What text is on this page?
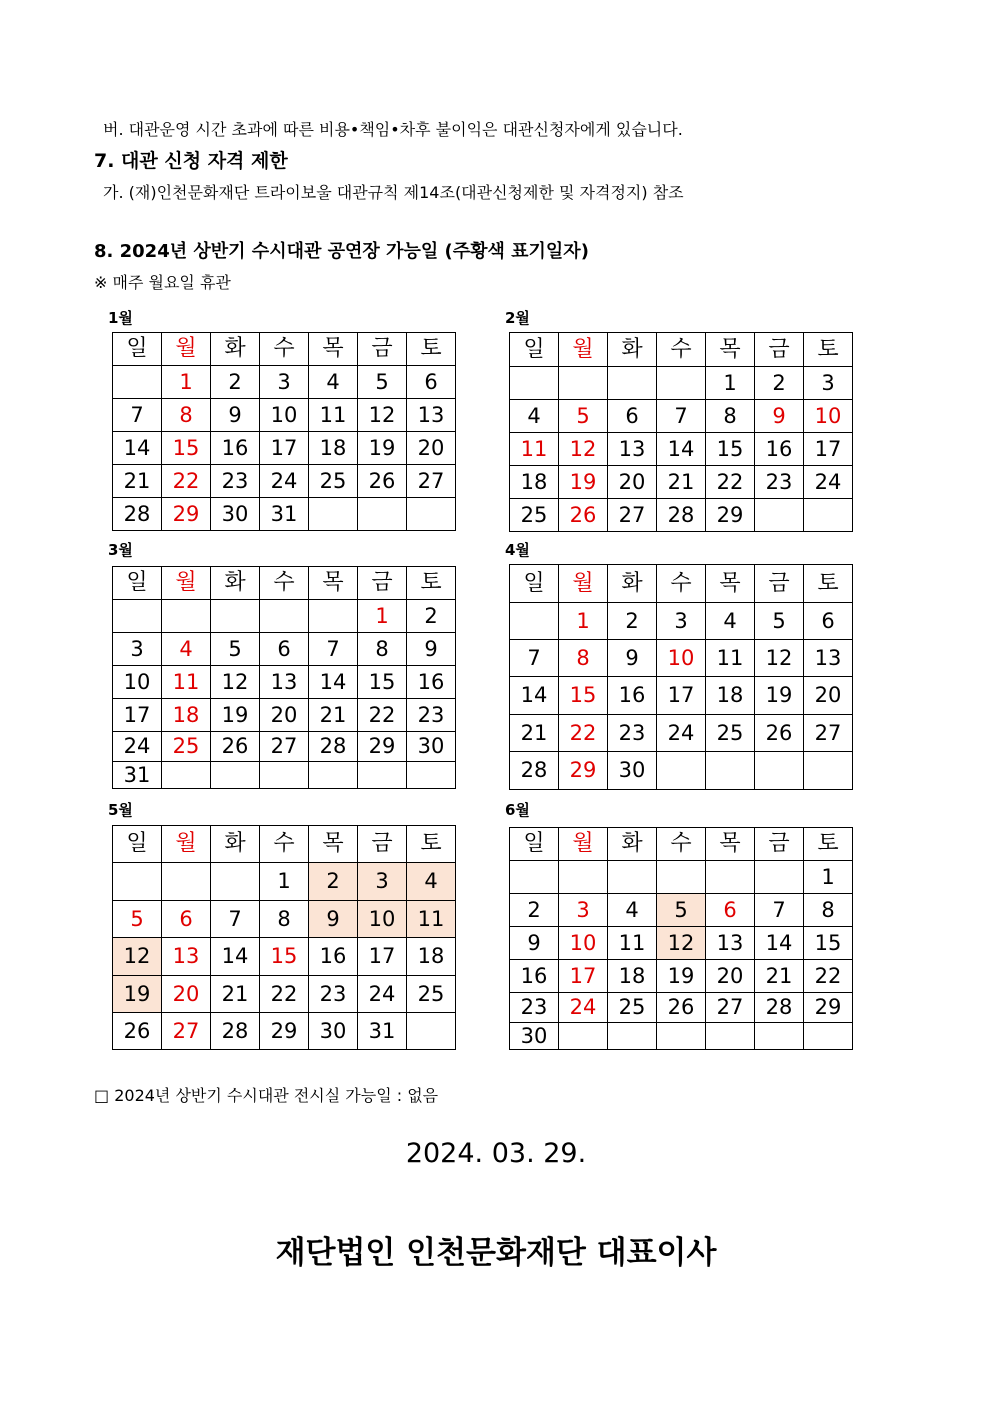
버. 대관운영 시간 초과에 따른 비용•책임•차후 불이익은 대관신청자에게 있습니다.
7. 대관 신청 자격 제한
가. (재)인천문화재단 트라이보울 대관규칙 제14조(대관신청제한 및 자격정지) 참조
8. 2024년 상반기 수시대관 공연장 가능일 (주황색 표기일자)
※ 매주 월요일 휴관
1월
일	월	화	수	목	금	토
	1	2	3	4	5	6
7	8	9	10	11	12	13
14	15	16	17	18	19	20
21	22	23	24	25	26	27
28	29	30	31			
2월
일	월	화	수	목	금	토
				1	2	3
4	5	6	7	8	9	10
11	12	13	14	15	16	17
18	19	20	21	22	23	24
25	26	27	28	29		
3월
일	월	화	수	목	금	토
					1	2
3	4	5	6	7	8	9
10	11	12	13	14	15	16
17	18	19	20	21	22	23
24	25	26	27	28	29	30
31						
4월
일	월	화	수	목	금	토
	1	2	3	4	5	6
7	8	9	10	11	12	13
14	15	16	17	18	19	20
21	22	23	24	25	26	27
28	29	30				
5월
일	월	화	수	목	금	토
			1	2	3	4
5	6	7	8	9	10	11
12	13	14	15	16	17	18
19	20	21	22	23	24	25
26	27	28	29	30	31	
6월
일	월	화	수	목	금	토
						1
2	3	4	5	6	7	8
9	10	11	12	13	14	15
16	17	18	19	20	21	22
23	24	25	26	27	28	29
30						
□ 2024년 상반기 수시대관 전시실 가능일 : 없음
2024. 03. 29.
재단법인 인천문화재단 대표이사
